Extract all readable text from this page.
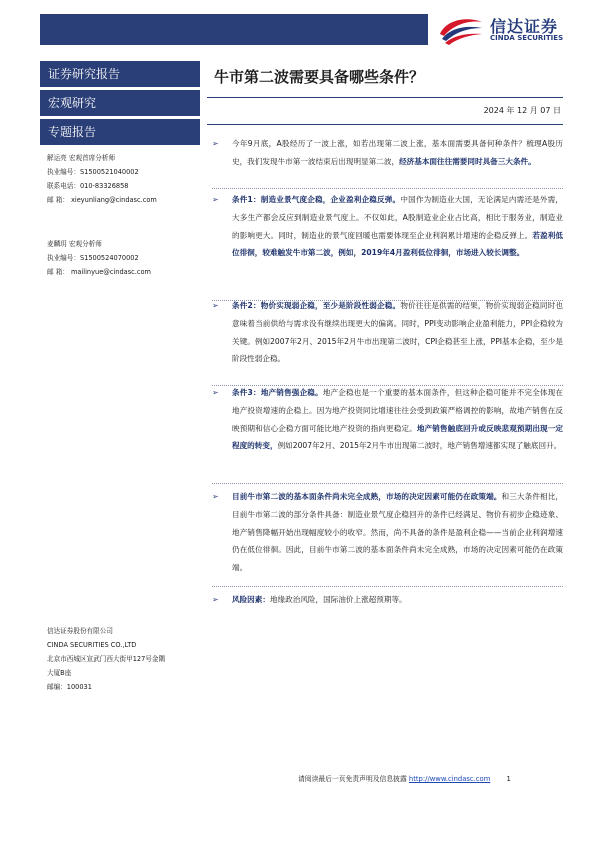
信达证券
CINDA SECURITIES
证券研究报告
宏观研究
专题报告
解运亮 宏观首席分析师
执业编号：S1500521040002
联系电话：010-83326858
邮 箱： xieyunliang@cindasc.com
麦麟玥 宏观分析师
执业编号：S1500524070002
邮 箱： mailinyue@cindasc.com
信达证券股份有限公司
CINDA SECURITIES CO.,LTD
北京市西城区宣武门西大街甲127号金隅
大厦B座
邮编：100031
牛市第二波需要具备哪些条件？
2024 年 12 月 07 日
➢ 今年9月底，A股经历了一波上涨，如若出现第二波上涨，基本面需要具备何种条件？梳理A股历史，我们发现牛市第一波结束后出现明显第二波，经济基本面往往需要同时具备三大条件。
➢ 条件1：制造业景气度企稳，企业盈利企稳反弹。中国作为制造业大国，无论满足内需还是外需，大多生产都会反应到制造业景气度上。不仅如此，A股制造业企业占比高，相比于服务业，制造业的影响更大。同时，制造业的景气度回暖也需要体现至企业利润累计增速的企稳反弹上。若盈利低位徘徊，较难触发牛市第二波，例如，2019年4月盈利低位徘徊，市场进入较长调整。
➢ 条件2：物价实现弱企稳，至少是阶段性弱企稳。物价往往是供需的结果，物价实现弱企稳同时也意味着当前供给与需求没有继续出现更大的偏离。同时，PPI变动影响企业盈利能力，PPI企稳较为关键。例如2007年2月、2015年2月牛市出现第二波时，CPI企稳甚至上涨，PPI基本企稳，至少是阶段性弱企稳。
➢ 条件3：地产销售强企稳。地产企稳也是一个重要的基本面条件，但这种企稳可能并不完全体现在地产投资增速的企稳上。因为地产投资同比增速往往会受到政策严格调控的影响，故地产销售在反映预期和信心企稳方面可能比地产投资的指向更稳定。地产销售触底回升或反映悲观预期出现一定程度的转变，例如2007年2月、2015年2月牛市出现第二波时，地产销售增速都实现了触底回升。
➢ 目前牛市第二波的基本面条件尚未完全成熟，市场的决定因素可能仍在政策端。和三大条件相比，目前牛市第二波的部分条件具备：制造业景气度企稳回升的条件已经满足、物价有初步企稳迹象、地产销售降幅开始出现幅度较小的收窄。然而，尚不具备的条件是盈利企稳——当前企业利润增速仍在低位徘徊。因此，目前牛市第二波的基本面条件尚未完全成熟，市场的决定因素可能仍在政策端。
➢ 风险因素：地缘政治风险，国际油价上涨超预期等。
请阅读最后一页免责声明及信息披露 http://www.cindasc.com 1
